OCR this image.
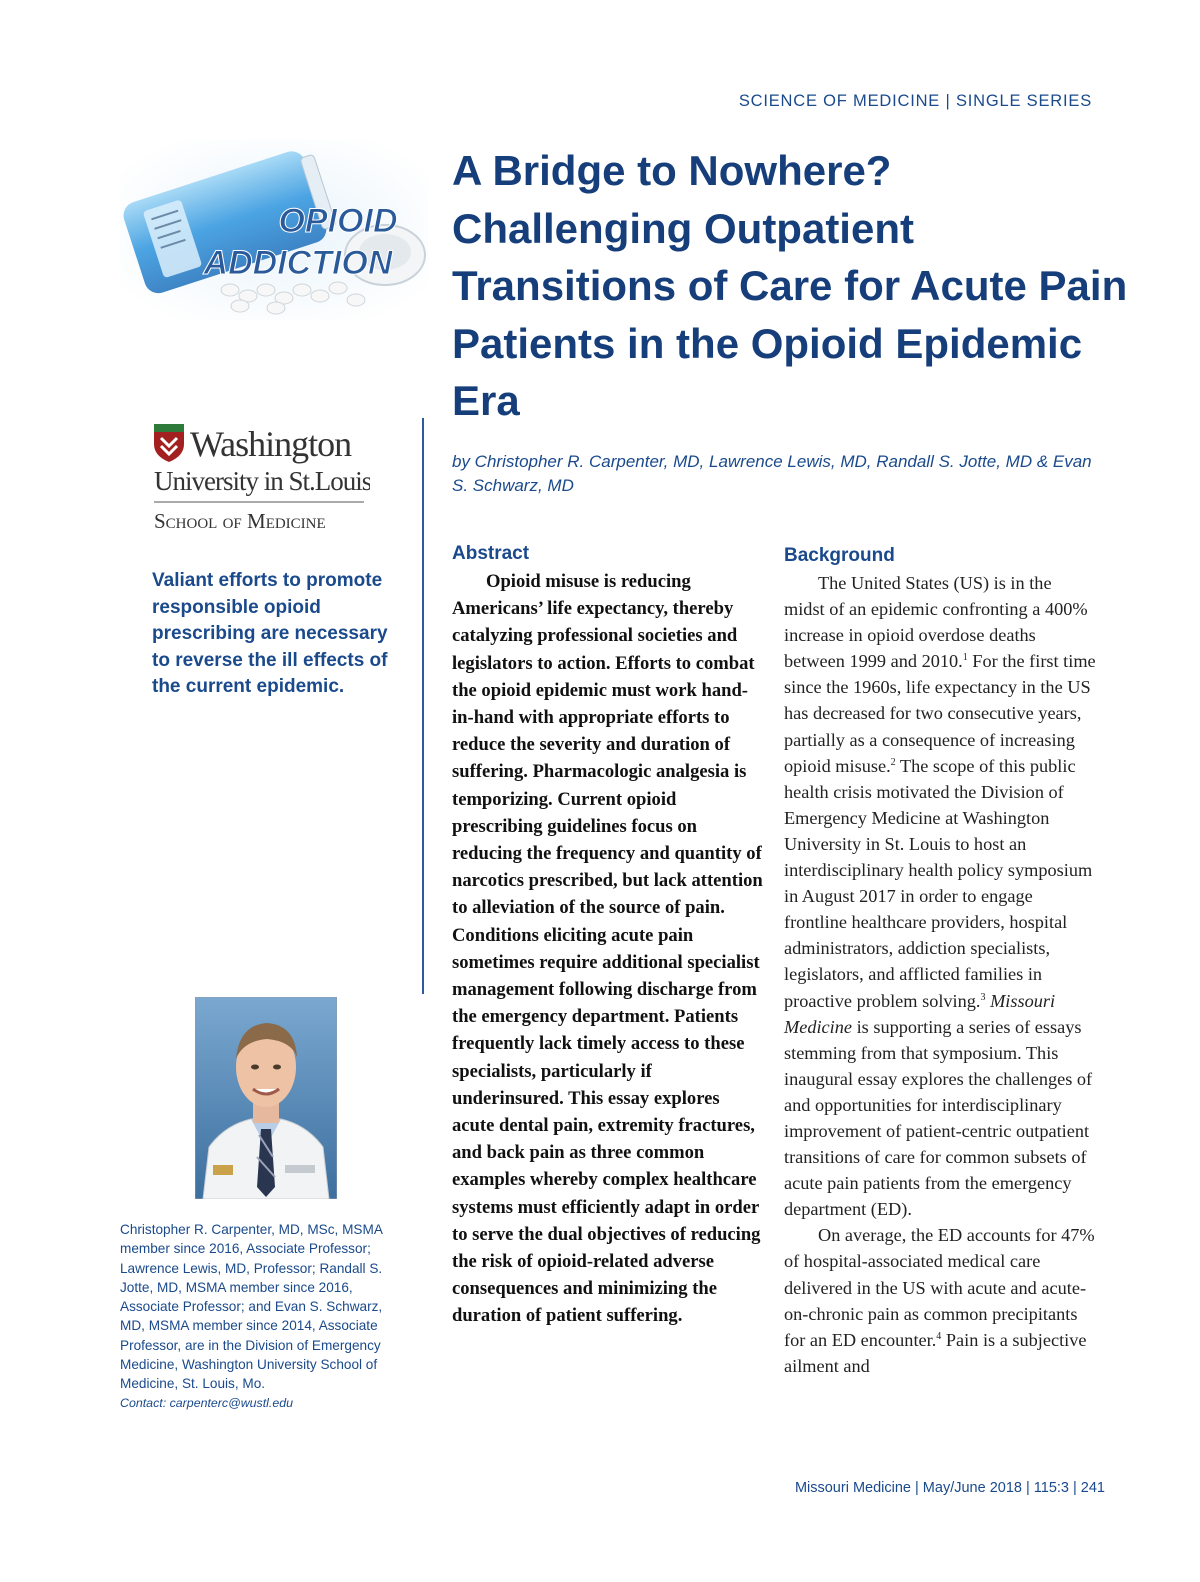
SCIENCE OF MEDICINE | SINGLE SERIES
OPIOID
ADDICTION
A Bridge to Nowhere? Challenging Outpatient Transitions of Care for Acute Pain Patients in the Opioid Epidemic Era
by Christopher R. Carpenter, MD, Lawrence Lewis, MD, Randall S. Jotte, MD & Evan S. Schwarz, MD
Washington
University in St.Louis
School of Medicine
Valiant efforts to promote responsible opioid prescribing are necessary to reverse the ill effects of the current epidemic.
Christopher R. Carpenter, MD, MSc, MSMA member since 2016, Associate Professor; Lawrence Lewis, MD, Professor; Randall S. Jotte, MD, MSMA member since 2016, Associate Professor; and Evan S. Schwarz, MD, MSMA member since 2014, Associate Professor, are in the Division of Emergency Medicine, Washington University School of Medicine, St. Louis, Mo.
Contact: carpenterc@wustl.edu
Abstract
Opioid misuse is reducing Americans’ life expectancy, thereby catalyzing professional societies and legislators to action. Efforts to combat the opioid epidemic must work hand-in-hand with appropriate efforts to reduce the severity and duration of suffering. Pharmacologic analgesia is temporizing. Current opioid prescribing guidelines focus on reducing the frequency and quantity of narcotics prescribed, but lack attention to alleviation of the source of pain. Conditions eliciting acute pain sometimes require additional specialist management following discharge from the emergency department. Patients frequently lack timely access to these specialists, particularly if underinsured. This essay explores acute dental pain, extremity fractures, and back pain as three common examples whereby complex healthcare systems must efficiently adapt in order to serve the dual objectives of reducing the risk of opioid-related adverse consequences and minimizing the duration of patient suffering.
Background

The United States (US) is in the midst of an epidemic confronting a 400% increase in opioid overdose deaths between 1999 and 2010.$^1$ For the first time since the 1960s, life expectancy in the US has decreased for two consecutive years, partially as a consequence of increasing opioid misuse.$^2$ The scope of this public health crisis motivated the Division of Emergency Medicine at Washington University in St. Louis to host an interdisciplinary health policy symposium in August 2017 in order to engage frontline healthcare providers, hospital administrators, addiction specialists, legislators, and afflicted families in proactive problem solving.$^3$ Missouri Medicine is supporting a series of essays stemming from that symposium. This inaugural essay explores the challenges of and opportunities for interdisciplinary improvement of patient-centric outpatient transitions of care for common subsets of acute pain patients from the emergency department (ED).

On average, the ED accounts for 47% of hospital-associated medical care delivered in the US with acute and acute-on-chronic pain as common precipitants for an ED encounter.$^4$ Pain is a subjective ailment and

Missouri Medicine | May/June 2018 | 115:3 | 241
